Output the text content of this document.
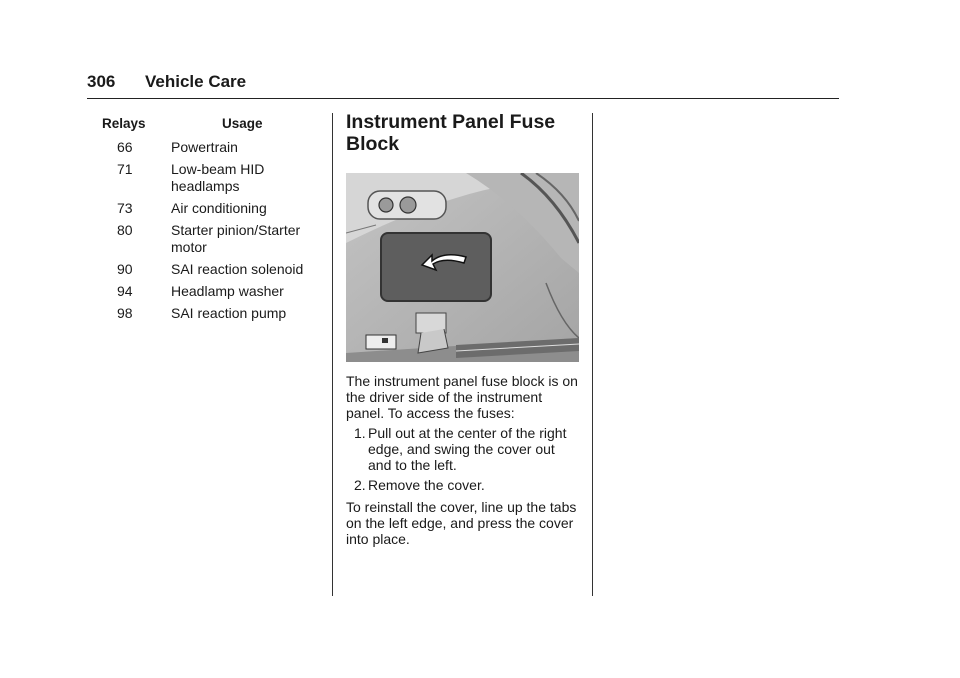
306 Vehicle Care
Relays	Usage
66	Powertrain
71	Low-beam HID headlamps
73	Air conditioning
80	Starter pinion/Starter motor
90	SAI reaction solenoid
94	Headlamp washer
98	SAI reaction pump
Instrument Panel Fuse Block

The instrument panel fuse block is on the driver side of the instrument panel. To access the fuses:

1. Pull out at the center of the right edge, and swing the cover out and to the left.
2. Remove the cover.

To reinstall the cover, line up the tabs on the left edge, and press the cover into place.
